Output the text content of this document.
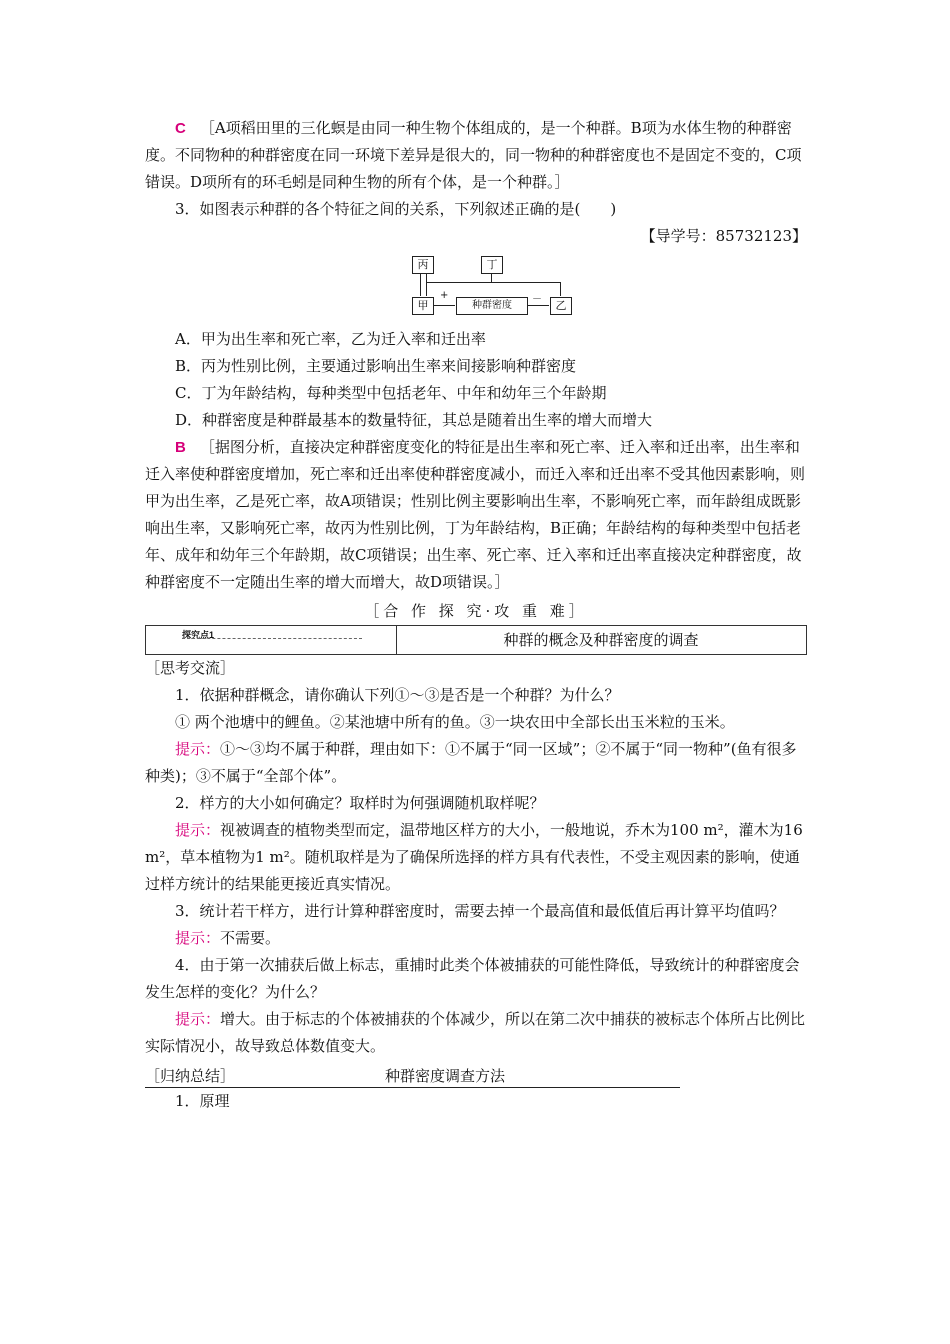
C ［A项稻田里的三化螟是由同一种生物个体组成的，是一个种群。B项为水体生物的种群密度。不同物种的种群密度在同一环境下差异是很大的，同一物种的种群密度也不是固定不变的，C项错误。D项所有的环毛蚓是同种生物的所有个体，是一个种群。］

3．如图表示种群的各个特征之间的关系，下列叙述正确的是(　　)

【导学号：85732123】

丙	丁
甲	种群密度	乙
+	－

A．甲为出生率和死亡率，乙为迁入率和迁出率

B．丙为性别比例，主要通过影响出生率来间接影响种群密度

C．丁为年龄结构，每种类型中包括老年、中年和幼年三个年龄期

D．种群密度是种群最基本的数量特征，其总是随着出生率的增大而增大

B ［据图分析，直接决定种群密度变化的特征是出生率和死亡率、迁入率和迁出率，出生率和迁入率使种群密度增加，死亡率和迁出率使种群密度减小，而迁入率和迁出率不受其他因素影响，则甲为出生率，乙是死亡率，故A项错误；性别比例主要影响出生率，不影响死亡率，而年龄组成既影响出生率，又影响死亡率，故丙为性别比例，丁为年龄结构，B正确；年龄结构的每种类型中包括老年、成年和幼年三个年龄期，故C项错误；出生率、死亡率、迁入率和迁出率直接决定种群密度，故种群密度不一定随出生率的增大而增大，故D项错误。］

［合 作 探 究·攻 重 难］

探究点1	种群的概念及种群密度的调查

［思考交流］

1．依据种群概念，请你确认下列①～③是否是一个种群？为什么？

① 两个池塘中的鲤鱼。②某池塘中所有的鱼。③一块农田中全部长出玉米粒的玉米。

提示：①～③均不属于种群，理由如下：①不属于“同一区域”；②不属于“同一物种”(鱼有很多种类)；③不属于“全部个体”。

2．样方的大小如何确定？取样时为何强调随机取样呢？

提示：视被调查的植物类型而定，温带地区样方的大小，一般地说，乔木为100 m²，灌木为16 m²，草本植物为1 m²。随机取样是为了确保所选择的样方具有代表性，不受主观因素的影响，使通过样方统计的结果能更接近真实情况。

3．统计若干样方，进行计算种群密度时，需要去掉一个最高值和最低值后再计算平均值吗？

提示：不需要。

4．由于第一次捕获后做上标志，重捕时此类个体被捕获的可能性降低，导致统计的种群密度会发生怎样的变化？为什么？

提示：增大。由于标志的个体被捕获的个体减少，所以在第二次中捕获的被标志个体所占比例比实际情况小，故导致总体数值变大。

［归纳总结］	种群密度调查方法

1．原理
